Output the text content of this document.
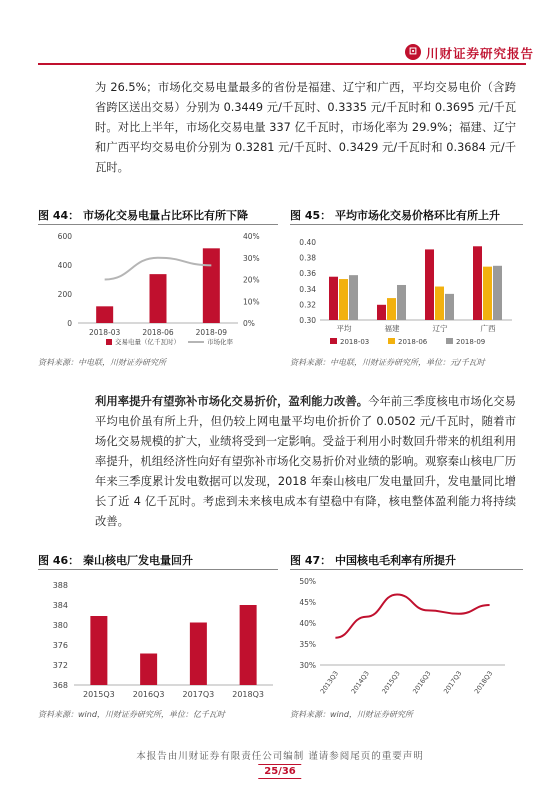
⊡ 川财证券研究报告

为 26.5%；市场化交易电量最多的省份是福建、辽宁和广西，平均交易电价（含跨省跨区送出交易）分别为 0.3449 元/千瓦时、0.3335 元/千瓦时和 0.3695 元/千瓦时。对比上半年，市场化交易电量 337 亿千瓦时，市场化率为 29.9%；福建、辽宁和广西平均交易电价分别为 0.3281 元/千瓦时、0.3429 元/千瓦时和 0.3684 元/千瓦时。

图 44： 市场化交易电量占比环比有所下降
0
200
400
600
0%
10%
20%
30%
40%
2018-03	2018-06	2018-09
交易电量（亿千瓦时）	市场化率
资料来源：中电联，川财证券研究所
图 45： 平均市场化交易价格环比有所上升
0.30
0.32
0.34
0.36
0.38
0.40
平均	福建	辽宁	广西
2018-03	2018-06	2018-09
资料来源：中电联，川财证券研究所，单位：元/千瓦时

利用率提升有望弥补市场化交易折价，盈利能力改善。今年前三季度核电市场化交易平均电价虽有所上升，但仍较上网电量平均电价折价了 0.0502 元/千瓦时，随着市场化交易规模的扩大，业绩将受到一定影响。受益于利用小时数回升带来的机组利用率提升，机组经济性向好有望弥补市场化交易折价对业绩的影响。观察秦山核电厂历年来三季度累计发电数据可以发现，2018 年秦山核电厂发电量回升，发电量同比增长了近 4 亿千瓦时。考虑到未来核电成本有望稳中有降，核电整体盈利能力将持续改善。

图 46： 秦山核电厂发电量回升
368
372
376
380
384
388
2015Q3 2016Q3 2017Q3 2018Q3
资料来源：wind，川财证券研究所，单位：亿千瓦时
图 47： 中国核电毛利率有所提升
30%
35%
40%
45%
50%
2013Q3 2014Q3 2015Q3 2016Q3 2017Q3 2018Q3
资料来源：wind，川财证券研究所
本报告由川财证券有限责任公司编制 谨请参阅尾页的重要声明
25/36
